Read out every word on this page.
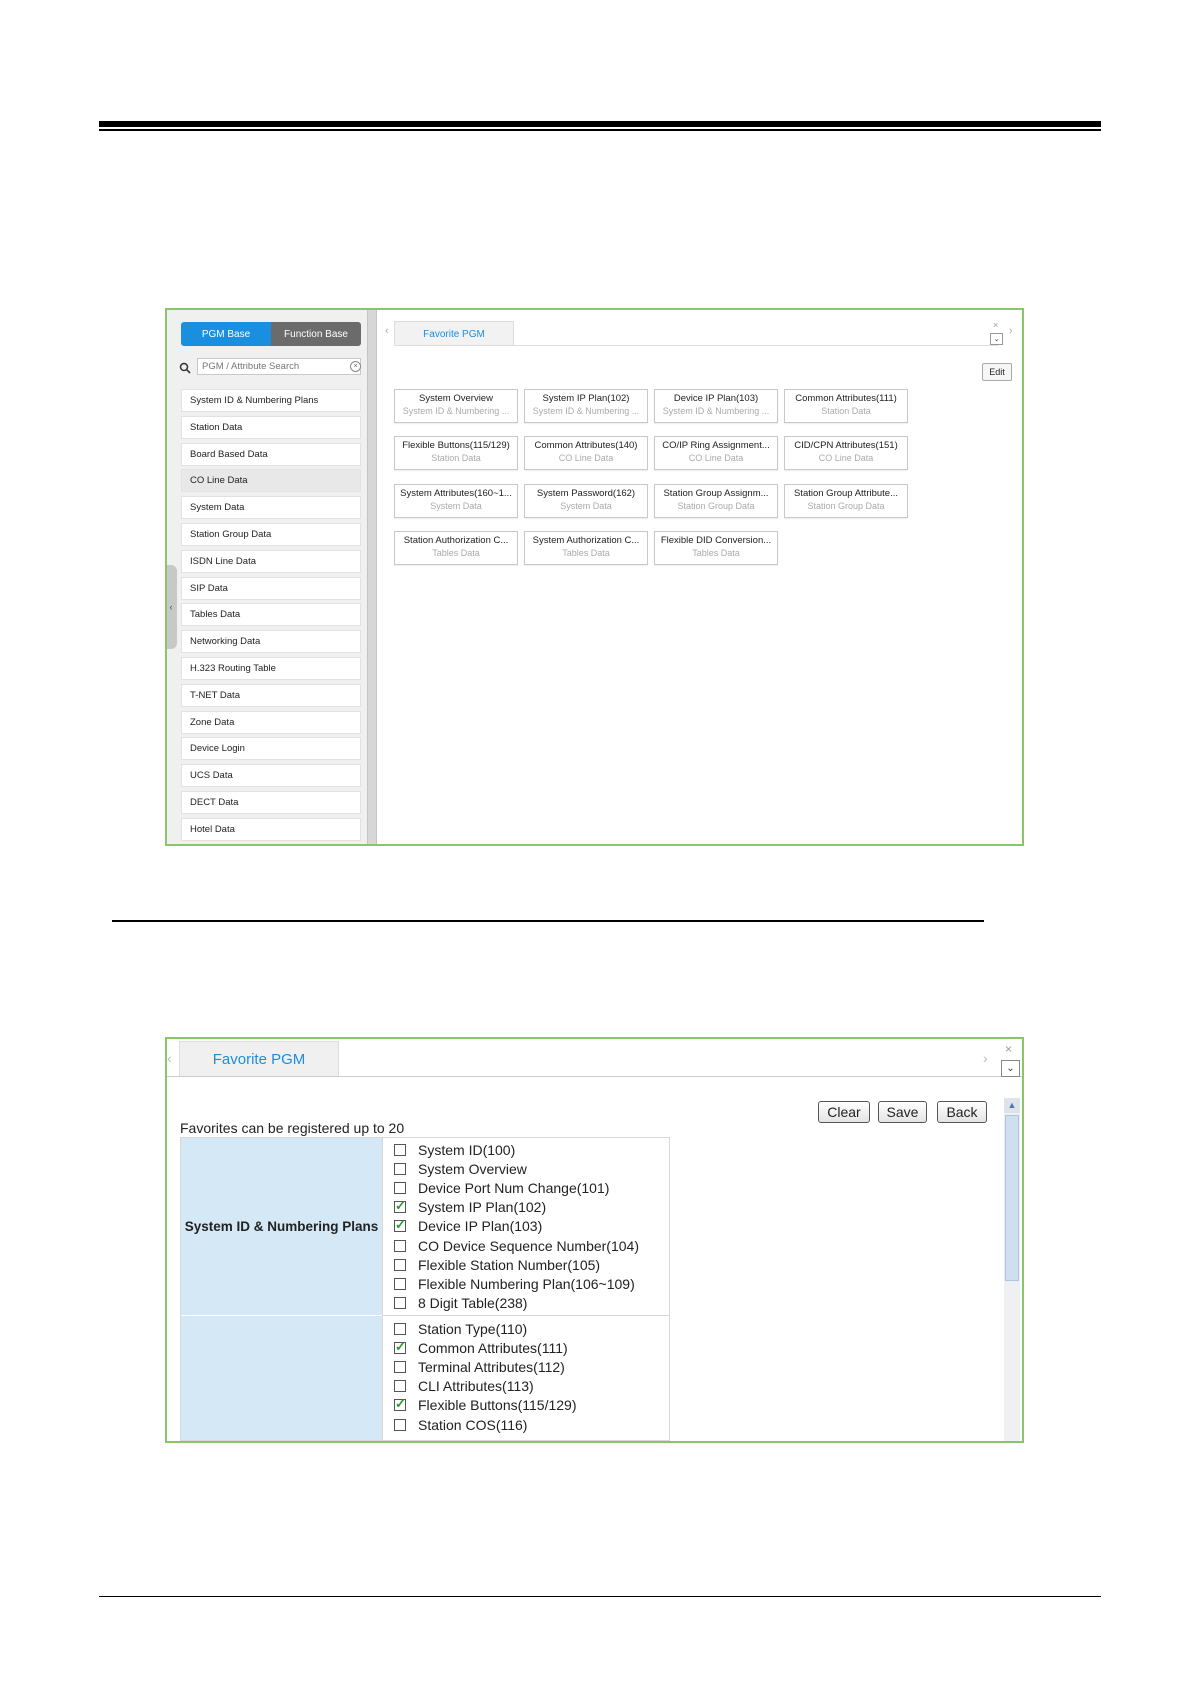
PGM Base	Function Base
PGM / Attribute Search
×
System ID & Numbering Plans
Station Data
Board Based Data
CO Line Data
System Data
Station Group Data
ISDN Line Data
SIP Data
Tables Data
Networking Data
H.323 Routing Table
T-NET Data
Zone Data
Device Login
UCS Data
DECT Data
Hotel Data
‹
‹	Favorite PGM	›
×
⌄
Edit
System Overview
System ID & Numbering ...
System IP Plan(102)
System ID & Numbering ...
Device IP Plan(103)
System ID & Numbering ...
Common Attributes(111)
Station Data
Flexible Buttons(115/129)
Station Data
Common Attributes(140)
CO Line Data
CO/IP Ring Assignment...
CO Line Data
CID/CPN Attributes(151)
CO Line Data
System Attributes(160~1...
System Data
System Password(162)
System Data
Station Group Assignm...
Station Group Data
Station Group Attribute...
Station Group Data
Station Authorization C...
Tables Data
System Authorization C...
Tables Data
Flexible DID Conversion...
Tables Data
‹	Favorite PGM	›
×
⌄
Clear	Save	Back
Favorites can be registered up to 20
System ID & Numbering Plans
System ID(100)
System Overview
Device Port Num Change(101)
✓
System IP Plan(102)
✓
Device IP Plan(103)
CO Device Sequence Number(104)
Flexible Station Number(105)
Flexible Numbering Plan(106~109)
8 Digit Table(238)
Station Type(110)
✓
Common Attributes(111)
Terminal Attributes(112)
CLI Attributes(113)
✓
Flexible Buttons(115/129)
Station COS(116)
▲
